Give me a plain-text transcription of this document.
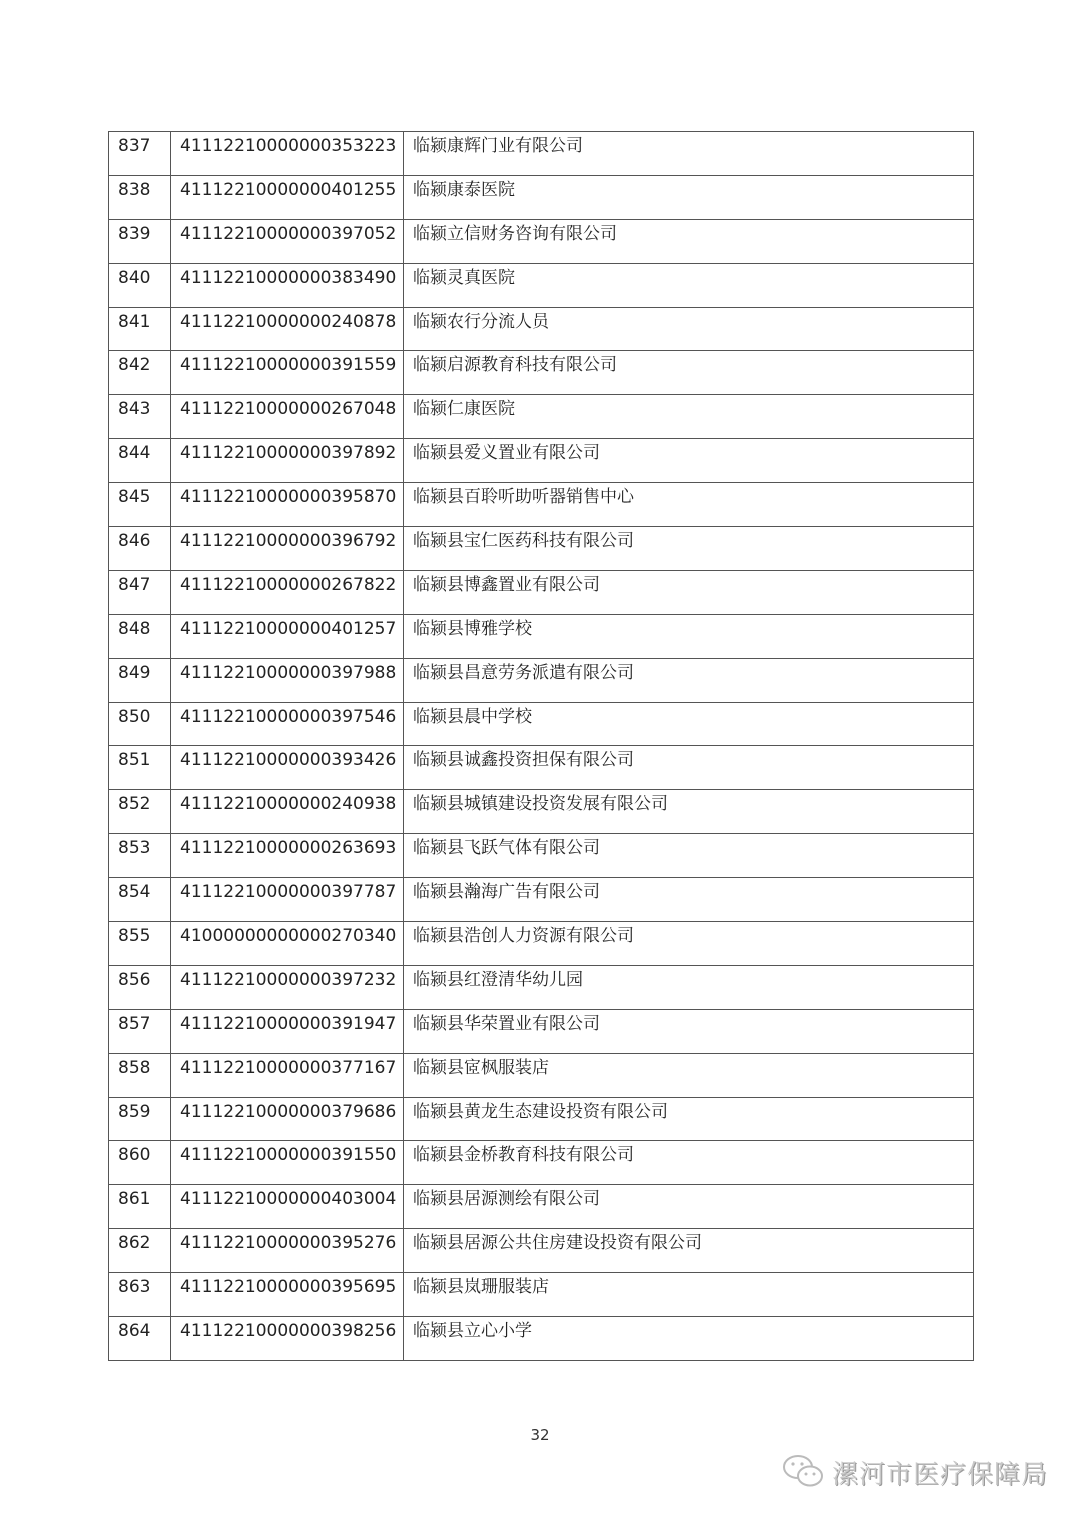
837	41112210000000353223	临颍康辉门业有限公司
838	41112210000000401255	临颍康泰医院
839	41112210000000397052	临颍立信财务咨询有限公司
840	41112210000000383490	临颍灵真医院
841	41112210000000240878	临颍农行分流人员
842	41112210000000391559	临颍启源教育科技有限公司
843	41112210000000267048	临颍仁康医院
844	41112210000000397892	临颍县爱义置业有限公司
845	41112210000000395870	临颍县百聆听助听器销售中心
846	41112210000000396792	临颍县宝仁医药科技有限公司
847	41112210000000267822	临颍县博鑫置业有限公司
848	41112210000000401257	临颍县博雅学校
849	41112210000000397988	临颍县昌意劳务派遣有限公司
850	41112210000000397546	临颍县晨中学校
851	41112210000000393426	临颍县诚鑫投资担保有限公司
852	41112210000000240938	临颍县城镇建设投资发展有限公司
853	41112210000000263693	临颍县飞跃气体有限公司
854	41112210000000397787	临颍县瀚海广告有限公司
855	41000000000000270340	临颍县浩创人力资源有限公司
856	41112210000000397232	临颍县红澄清华幼儿园
857	41112210000000391947	临颍县华荣置业有限公司
858	41112210000000377167	临颍县宧枫服装店
859	41112210000000379686	临颍县黄龙生态建设投资有限公司
860	41112210000000391550	临颍县金桥教育科技有限公司
861	41112210000000403004	临颍县居源测绘有限公司
862	41112210000000395276	临颍县居源公共住房建设投资有限公司
863	41112210000000395695	临颍县岚珊服装店
864	41112210000000398256	临颍县立心小学
32
漯河市医疗保障局
